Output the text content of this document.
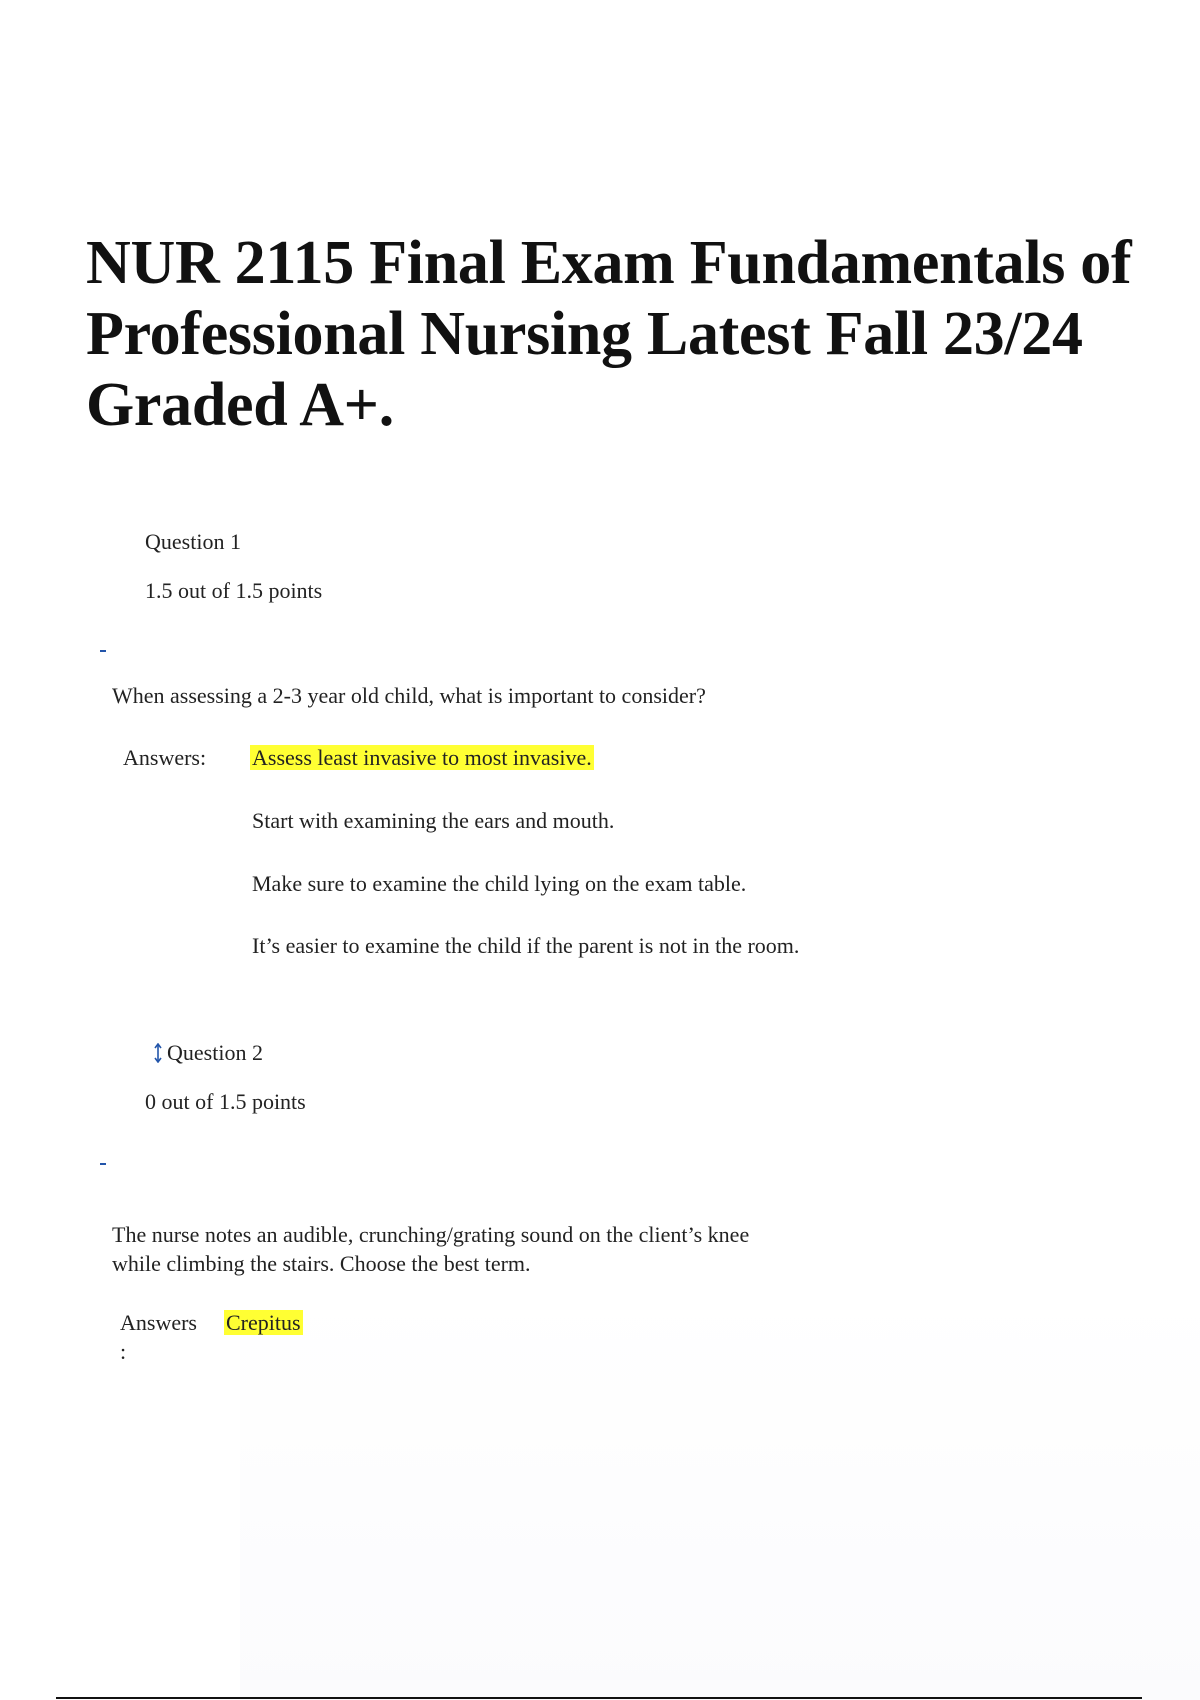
NUR 2115 Final Exam Fundamentals of Professional Nursing Latest Fall 23/24 Graded A+.
Question 1
1.5 out of 1.5 points
When assessing a 2-3 year old child, what is important to consider?
Answers: Assess least invasive to most invasive.
Start with examining the ears and mouth.
Make sure to examine the child lying on the exam table.
It’s easier to examine the child if the parent is not in the room.
Question 2
0 out of 1.5 points
The nurse notes an audible, crunching/grating sound on the client’s knee while climbing the stairs. Choose the best term.
Answers
:
Crepitus
